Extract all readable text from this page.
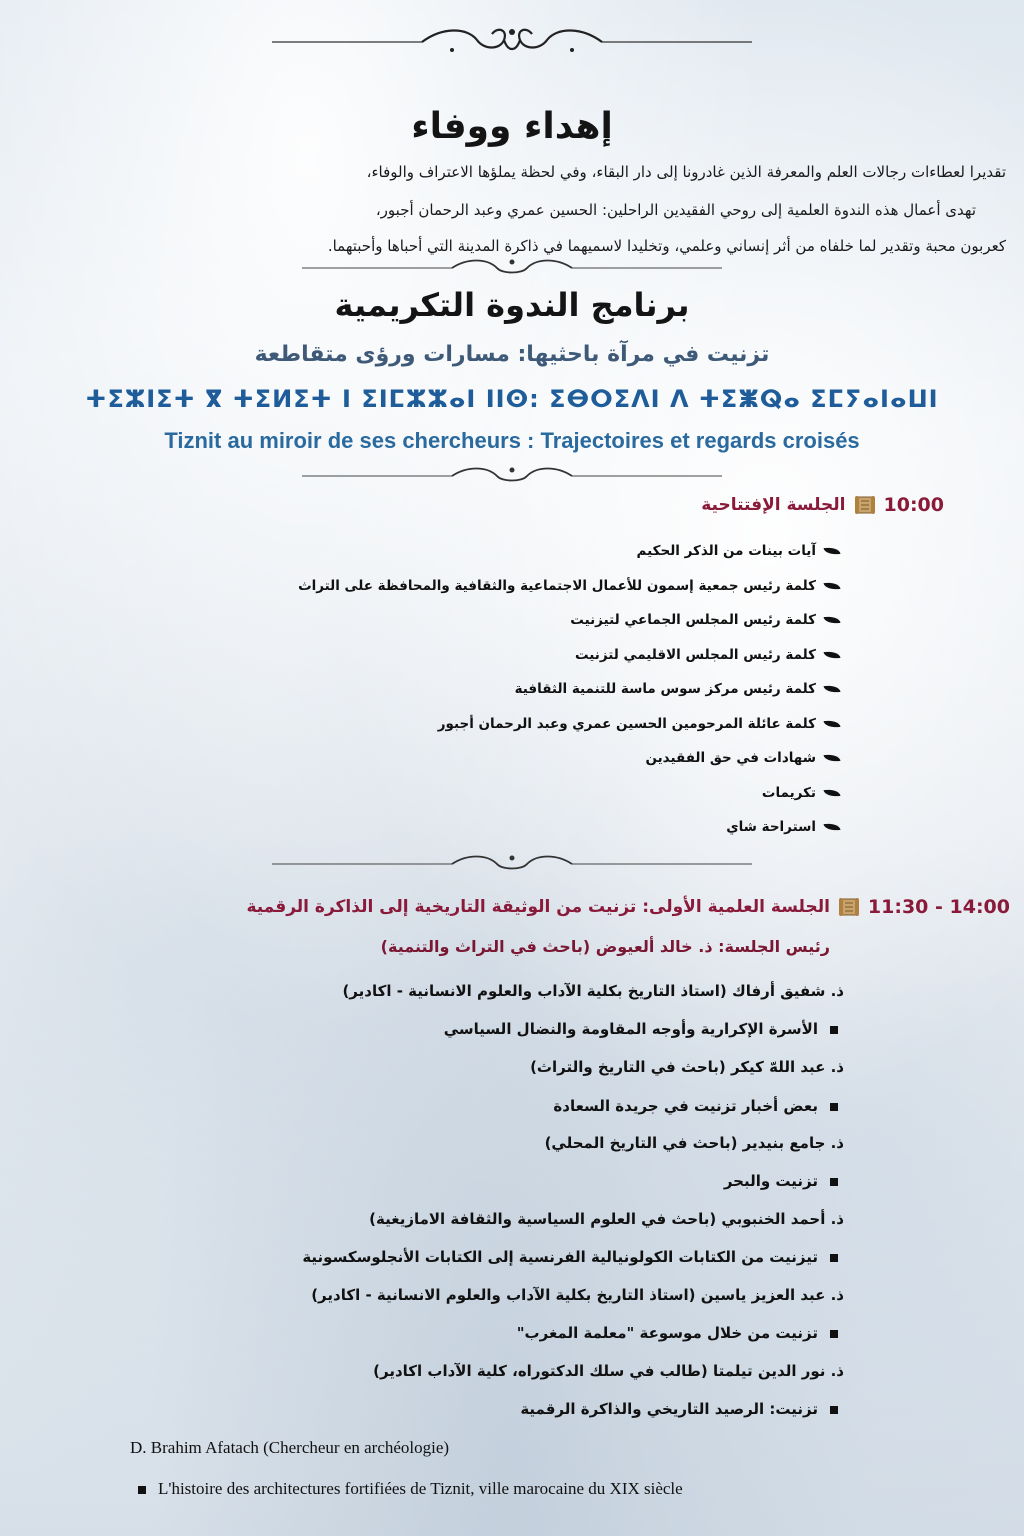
إهداء ووفاء
تقديرا لعطاءات رجالات العلم والمعرفة الذين غادرونا إلى دار البقاء، وفي لحظة يملؤها الاعتراف والوفاء،
تهدى أعمال هذه الندوة العلمية إلى روحي الفقيدين الراحلين: الحسين عمري وعبد الرحمان أجبور،
كعربون محبة وتقدير لما خلفاه من أثر إنساني وعلمي، وتخليدا لاسميهما في ذاكرة المدينة التي أحباها وأحبتهما.
برنامج الندوة التكريمية
تزنيت في مرآة باحثيها: مسارات ورؤى متقاطعة
ⵜⵉⵣⵏⵉⵜ ⴳ ⵜⵉⵍⵉⵜ ⵏ ⵉⵏⵎⵣⵣⴰⵏ ⵏⵏⵙ: ⵉⴱⵔⵉⴷⵏ ⴷ ⵜⵉⵥⵕⴰ ⵉⵎⵢⴰⵏⴰⵡⵏ
Tiznit au miroir de ses chercheurs : Trajectoires et regards croisés
الجلسة الإفتتاحية 10:00
آيات بينات من الذكر الحكيم
كلمة رئيس جمعية إسمون للأعمال الاجتماعية والثقافية والمحافظة على التراث
كلمة رئيس المجلس الجماعي لتيزنيت
كلمة رئيس المجلس الاقليمي لتزنيت
كلمة رئيس مركز سوس ماسة للتنمية الثقافية
كلمة عائلة المرحومين الحسين عمري وعبد الرحمان أجبور
شهادات في حق الفقيدين
تكريمات
استراحة شاي
الجلسة العلمية الأولى: تزنيت من الوثيقة التاريخية إلى الذاكرة الرقمية 11:30 - 14:00
رئيس الجلسة: ذ. خالد ألعيوض (باحث في التراث والتنمية)
ذ. شفيق أرفاك (استاذ التاريخ بكلية الآداب والعلوم الانسانية - اكادير)
الأسرة الإكرارية وأوجه المقاومة والنضال السياسي
ذ. عبد اللهّ كيكر (باحث في التاريخ والتراث)
بعض أخبار تزنيت في جريدة السعادة
ذ. جامع بنيدير (باحث في التاريخ المحلي)
تزنيت والبحر
ذ. أحمد الخنبوبي (باحث في العلوم السياسية والثقافة الامازيغية)
تيزنيت من الكتابات الكولونيالية الفرنسية إلى الكتابات الأنجلوسكسونية
ذ. عبد العزيز ياسين (استاذ التاريخ بكلية الآداب والعلوم الانسانية - اكادير)
تزنيت من خلال موسوعة "معلمة المغرب"
ذ. نور الدين تيلمتا (طالب في سلك الدكتوراه، كلية الآداب اكادير)
تزنيت: الرصيد التاريخي والذاكرة الرقمية
D. Brahim Afatach (Chercheur en archéologie)
L'histoire des architectures fortifiées de Tiznit, ville marocaine du XIX siècle
